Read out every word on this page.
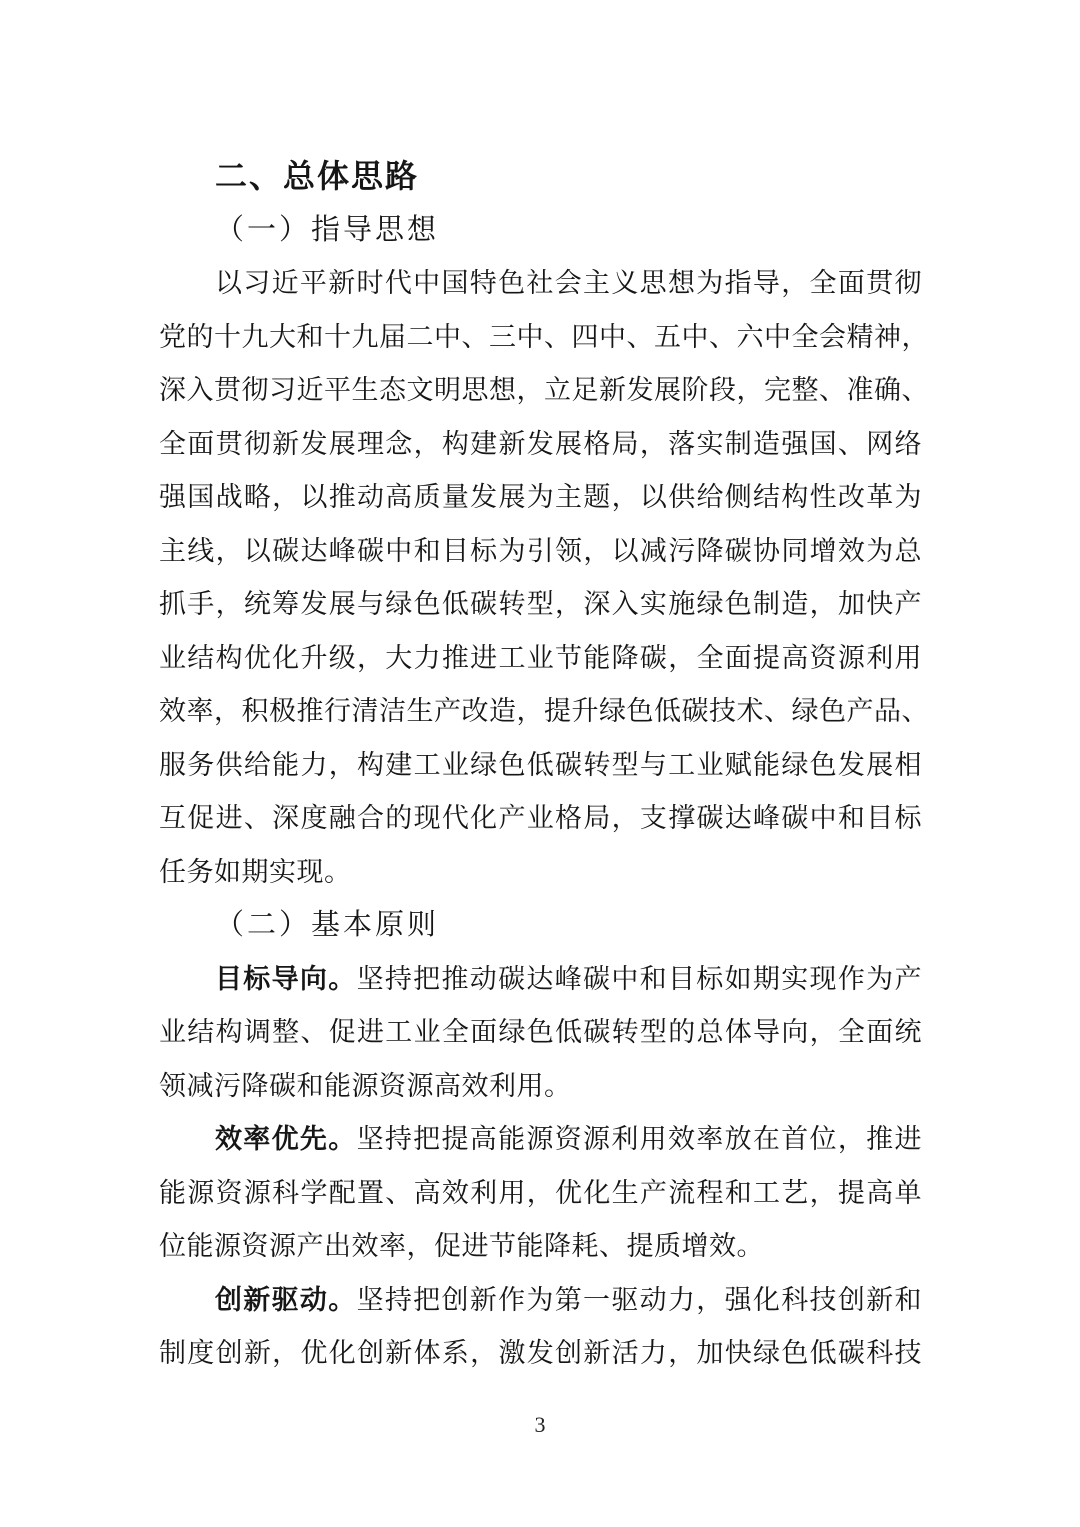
二、总体思路
（一）指导思想
以习近平新时代中国特色社会主义思想为指导，全面贯彻
党的十九大和十九届二中、三中、四中、五中、六中全会精神，
深入贯彻习近平生态文明思想，立足新发展阶段，完整、准确、
全面贯彻新发展理念，构建新发展格局，落实制造强国、网络
强国战略，以推动高质量发展为主题，以供给侧结构性改革为
主线，以碳达峰碳中和目标为引领，以减污降碳协同增效为总
抓手，统筹发展与绿色低碳转型，深入实施绿色制造，加快产
业结构优化升级，大力推进工业节能降碳，全面提高资源利用
效率，积极推行清洁生产改造，提升绿色低碳技术、绿色产品、
服务供给能力，构建工业绿色低碳转型与工业赋能绿色发展相
互促进、深度融合的现代化产业格局，支撑碳达峰碳中和目标
任务如期实现。
（二）基本原则
目标导向。坚持把推动碳达峰碳中和目标如期实现作为产
业结构调整、促进工业全面绿色低碳转型的总体导向，全面统
领减污降碳和能源资源高效利用。
效率优先。坚持把提高能源资源利用效率放在首位，推进
能源资源科学配置、高效利用，优化生产流程和工艺，提高单
位能源资源产出效率，促进节能降耗、提质增效。
创新驱动。坚持把创新作为第一驱动力，强化科技创新和
制度创新，优化创新体系，激发创新活力，加快绿色低碳科技
3
